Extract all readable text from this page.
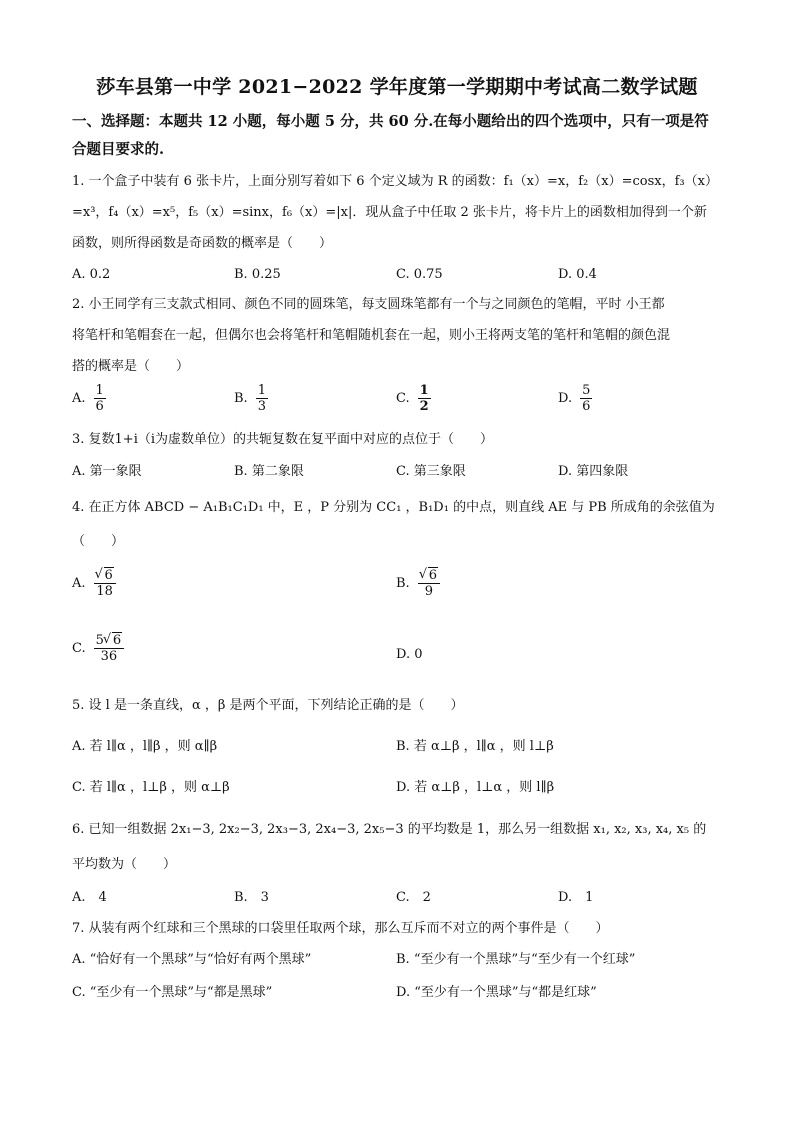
莎车县第一中学 2021−2022 学年度第一学期期中考试高二数学试题
一、选择题：本题共 12 小题，每小题 5 分，共 60 分.在每小题给出的四个选项中，只有一项是符合题目要求的.
1. 一个盒子中装有 6 张卡片，上面分别写着如下 6 个定义域为 R 的函数：f₁（x）=x，f₂（x）=cosx，f₃（x）
=x³，f₄（x）=x⁵，f₅（x）=sinx，f₆（x）=|x|．现从盒子中任取 2 张卡片，将卡片上的函数相加得到一个新
函数，则所得函数是奇函数的概率是（　　）
A. 0.2	B. 0.25	C. 0.75	D. 0.4
2. 小王同学有三支款式相同、颜色不同的圆珠笔，每支圆珠笔都有一个与之同颜色的笔帽，平时 小王都
将笔杆和笔帽套在一起，但偶尔也会将笔杆和笔帽随机套在一起，则小王将两支笔的笔杆和笔帽的颜色混
搭的概率是（　　）
A. $\frac{1}{6}$	B. $\frac{1}{3}$	C. $\frac{1}{2}$	D. $\frac{5}{6}$
3. 复数1+i（i为虚数单位）的共轭复数在复平面中对应的点位于（　　）
A. 第一象限	B. 第二象限	C. 第三象限	D. 第四象限
4. 在正方体 ABCD − A₁B₁C₁D₁ 中，E ，P 分别为 CC₁ ，B₁D₁ 的中点，则直线 AE 与 PB 所成角的余弦值为
（　　）
A. √ $\frac{6}{18}$	B. √ $\frac{6}{9}$
C. $\frac{5 √ 6}{36}$	D. 0
5. 设 l 是一条直线，α ，β 是两个平面，下列结论正确的是（　　）
A. 若 l∥α ，l∥β ，则 α∥β	B. 若 α⊥β ，l∥α ，则 l⊥β
C. 若 l∥α ，l⊥β ，则 α⊥β	D. 若 α⊥β ，l⊥α ，则 l∥β
6. 已知一组数据 2x₁−3, 2x₂−3, 2x₃−3, 2x₄−3, 2x₅−3 的平均数是 1，那么另一组数据 x₁, x₂, x₃, x₄, x₅ 的
平均数为（　　）
A.　4	B.　3	C.　2	D.　1
7. 从装有两个红球和三个黑球的口袋里任取两个球，那么互斥而不对立的两个事件是（　　）
A. “恰好有一个黑球”与“恰好有两个黑球”	B. “至少有一个黑球”与“至少有一个红球”
C. “至少有一个黑球”与“都是黑球”	D. “至少有一个黑球”与“都是红球”
